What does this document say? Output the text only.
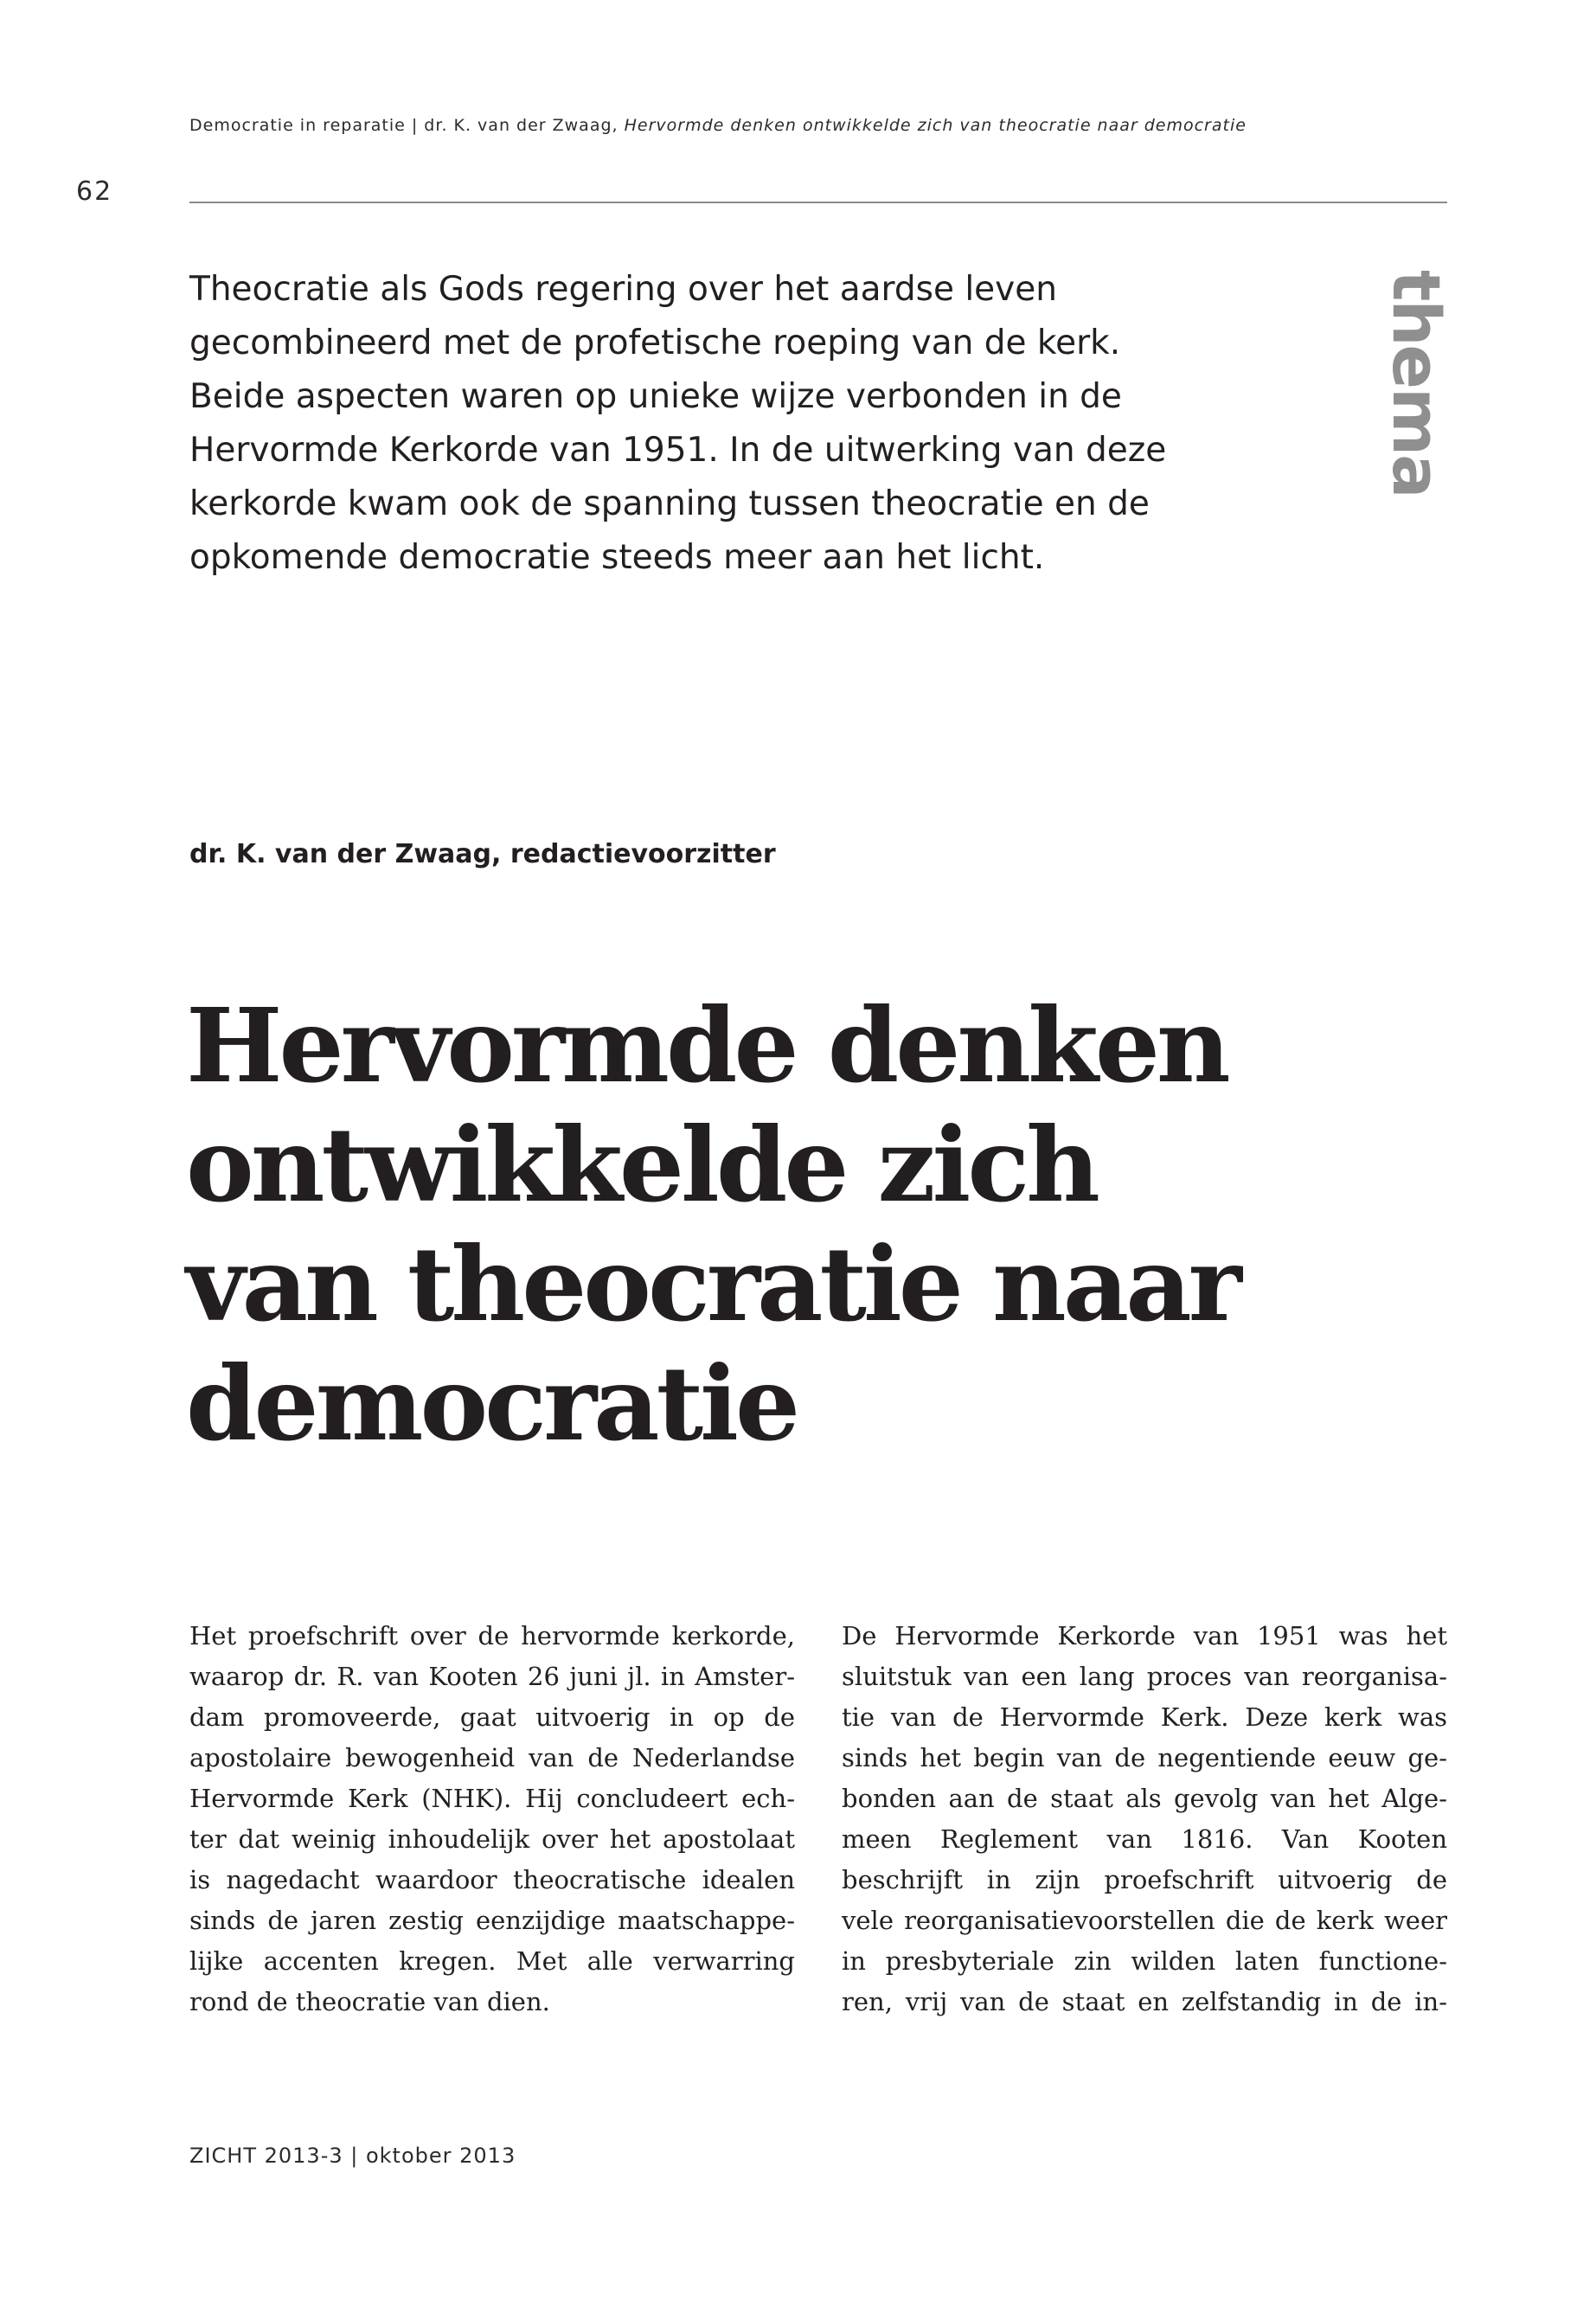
Democratie in reparatie | dr. K. van der Zwaag, Hervormde denken ontwikkelde zich van theocratie naar democratie
62
Theocratie als Gods regering over het aardse leven
gecombineerd met de profetische roeping van de kerk.
Beide aspecten waren op unieke wijze verbonden in de
Hervormde Kerkorde van 1951. In de uitwerking van deze
kerkorde kwam ook de spanning tussen theocratie en de
opkomende democratie steeds meer aan het licht.
thema
dr. K. van der Zwaag, redactievoorzitter
Hervormde denken
ontwikkelde zich
van theocratie naar
democratie
Het proefschrift over de hervormde kerkorde,
waarop dr. R. van Kooten 26 juni jl. in Amster-
dam promoveerde, gaat uitvoerig in op de
apostolaire bewogenheid van de Nederlandse
Hervormde Kerk (NHK). Hij concludeert ech-
ter dat weinig inhoudelijk over het apostolaat
is nagedacht waardoor theocratische idealen
sinds de jaren zestig eenzijdige maatschappe-
lijke accenten kregen. Met alle verwarring
rond de theocratie van dien.
De Hervormde Kerkorde van 1951 was het
sluitstuk van een lang proces van reorganisa-
tie van de Hervormde Kerk. Deze kerk was
sinds het begin van de negentiende eeuw ge-
bonden aan de staat als gevolg van het Alge-
meen Reglement van 1816. Van Kooten
beschrijft in zijn proefschrift uitvoerig de
vele reorganisatievoorstellen die de kerk weer
in presbyteriale zin wilden laten functione-
ren, vrij van de staat en zelfstandig in de in-
ZICHT 2013-3 | oktober 2013
